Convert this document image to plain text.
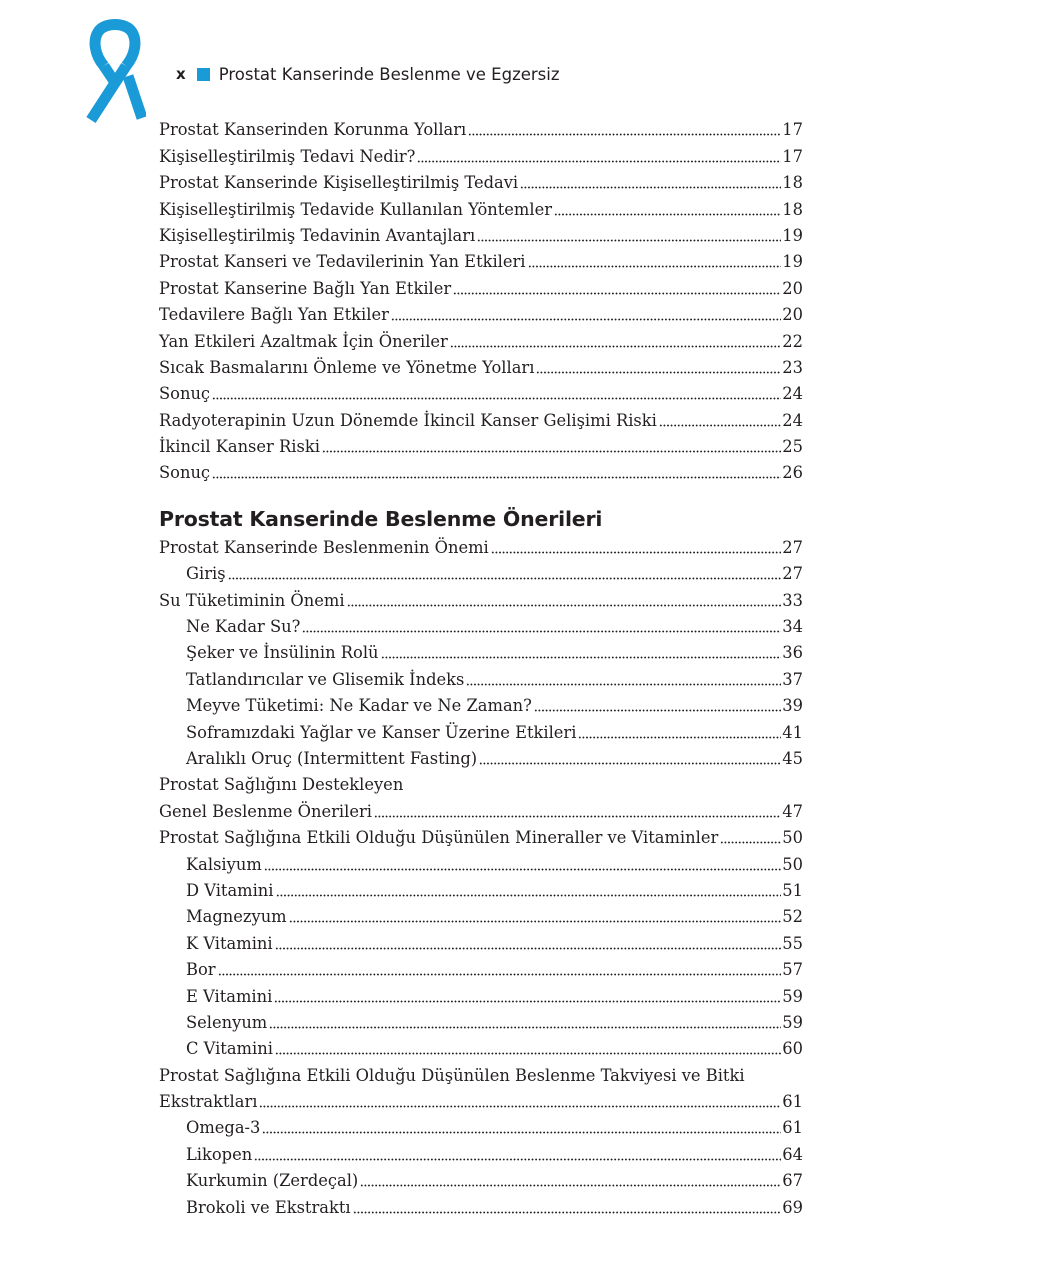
x Prostat Kanserinde Beslenme ve Egzersiz
Prostat Kanserinden Korunma Yolları	17
Kişiselleştirilmiş Tedavi Nedir?	17
Prostat Kanserinde Kişiselleştirilmiş Tedavi	18
Kişiselleştirilmiş Tedavide Kullanılan Yöntemler	18
Kişiselleştirilmiş Tedavinin Avantajları	19
Prostat Kanseri ve Tedavilerinin Yan Etkileri	19
Prostat Kanserine Bağlı Yan Etkiler	20
Tedavilere Bağlı Yan Etkiler	20
Yan Etkileri Azaltmak İçin Öneriler	22
Sıcak Basmalarını Önleme ve Yönetme Yolları	23
Sonuç	24
Radyoterapinin Uzun Dönemde İkincil Kanser Gelişimi Riski	24
İkincil Kanser Riski	25
Sonuç	26
Prostat Kanserinde Beslenme Önerileri
Prostat Kanserinde Beslenmenin Önemi	27
Giriş	27
Su Tüketiminin Önemi	33
Ne Kadar Su?	34
Şeker ve İnsülinin Rolü	36
Tatlandırıcılar ve Glisemik İndeks	37
Meyve Tüketimi: Ne Kadar ve Ne Zaman?	39
Soframızdaki Yağlar ve Kanser Üzerine Etkileri	41
Aralıklı Oruç (Intermittent Fasting)	45
Prostat Sağlığını Destekleyen
Genel Beslenme Önerileri	47
Prostat Sağlığına Etkili Olduğu Düşünülen Mineraller ve Vitaminler	50
Kalsiyum	50
D Vitamini	51
Magnezyum	52
K Vitamini	55
Bor	57
E Vitamini	59
Selenyum	59
C Vitamini	60
Prostat Sağlığına Etkili Olduğu Düşünülen Beslenme Takviyesi ve Bitki
Ekstraktları	61
Omega-3	61
Likopen	64
Kurkumin (Zerdeçal)	67
Brokoli ve Ekstraktı	69
